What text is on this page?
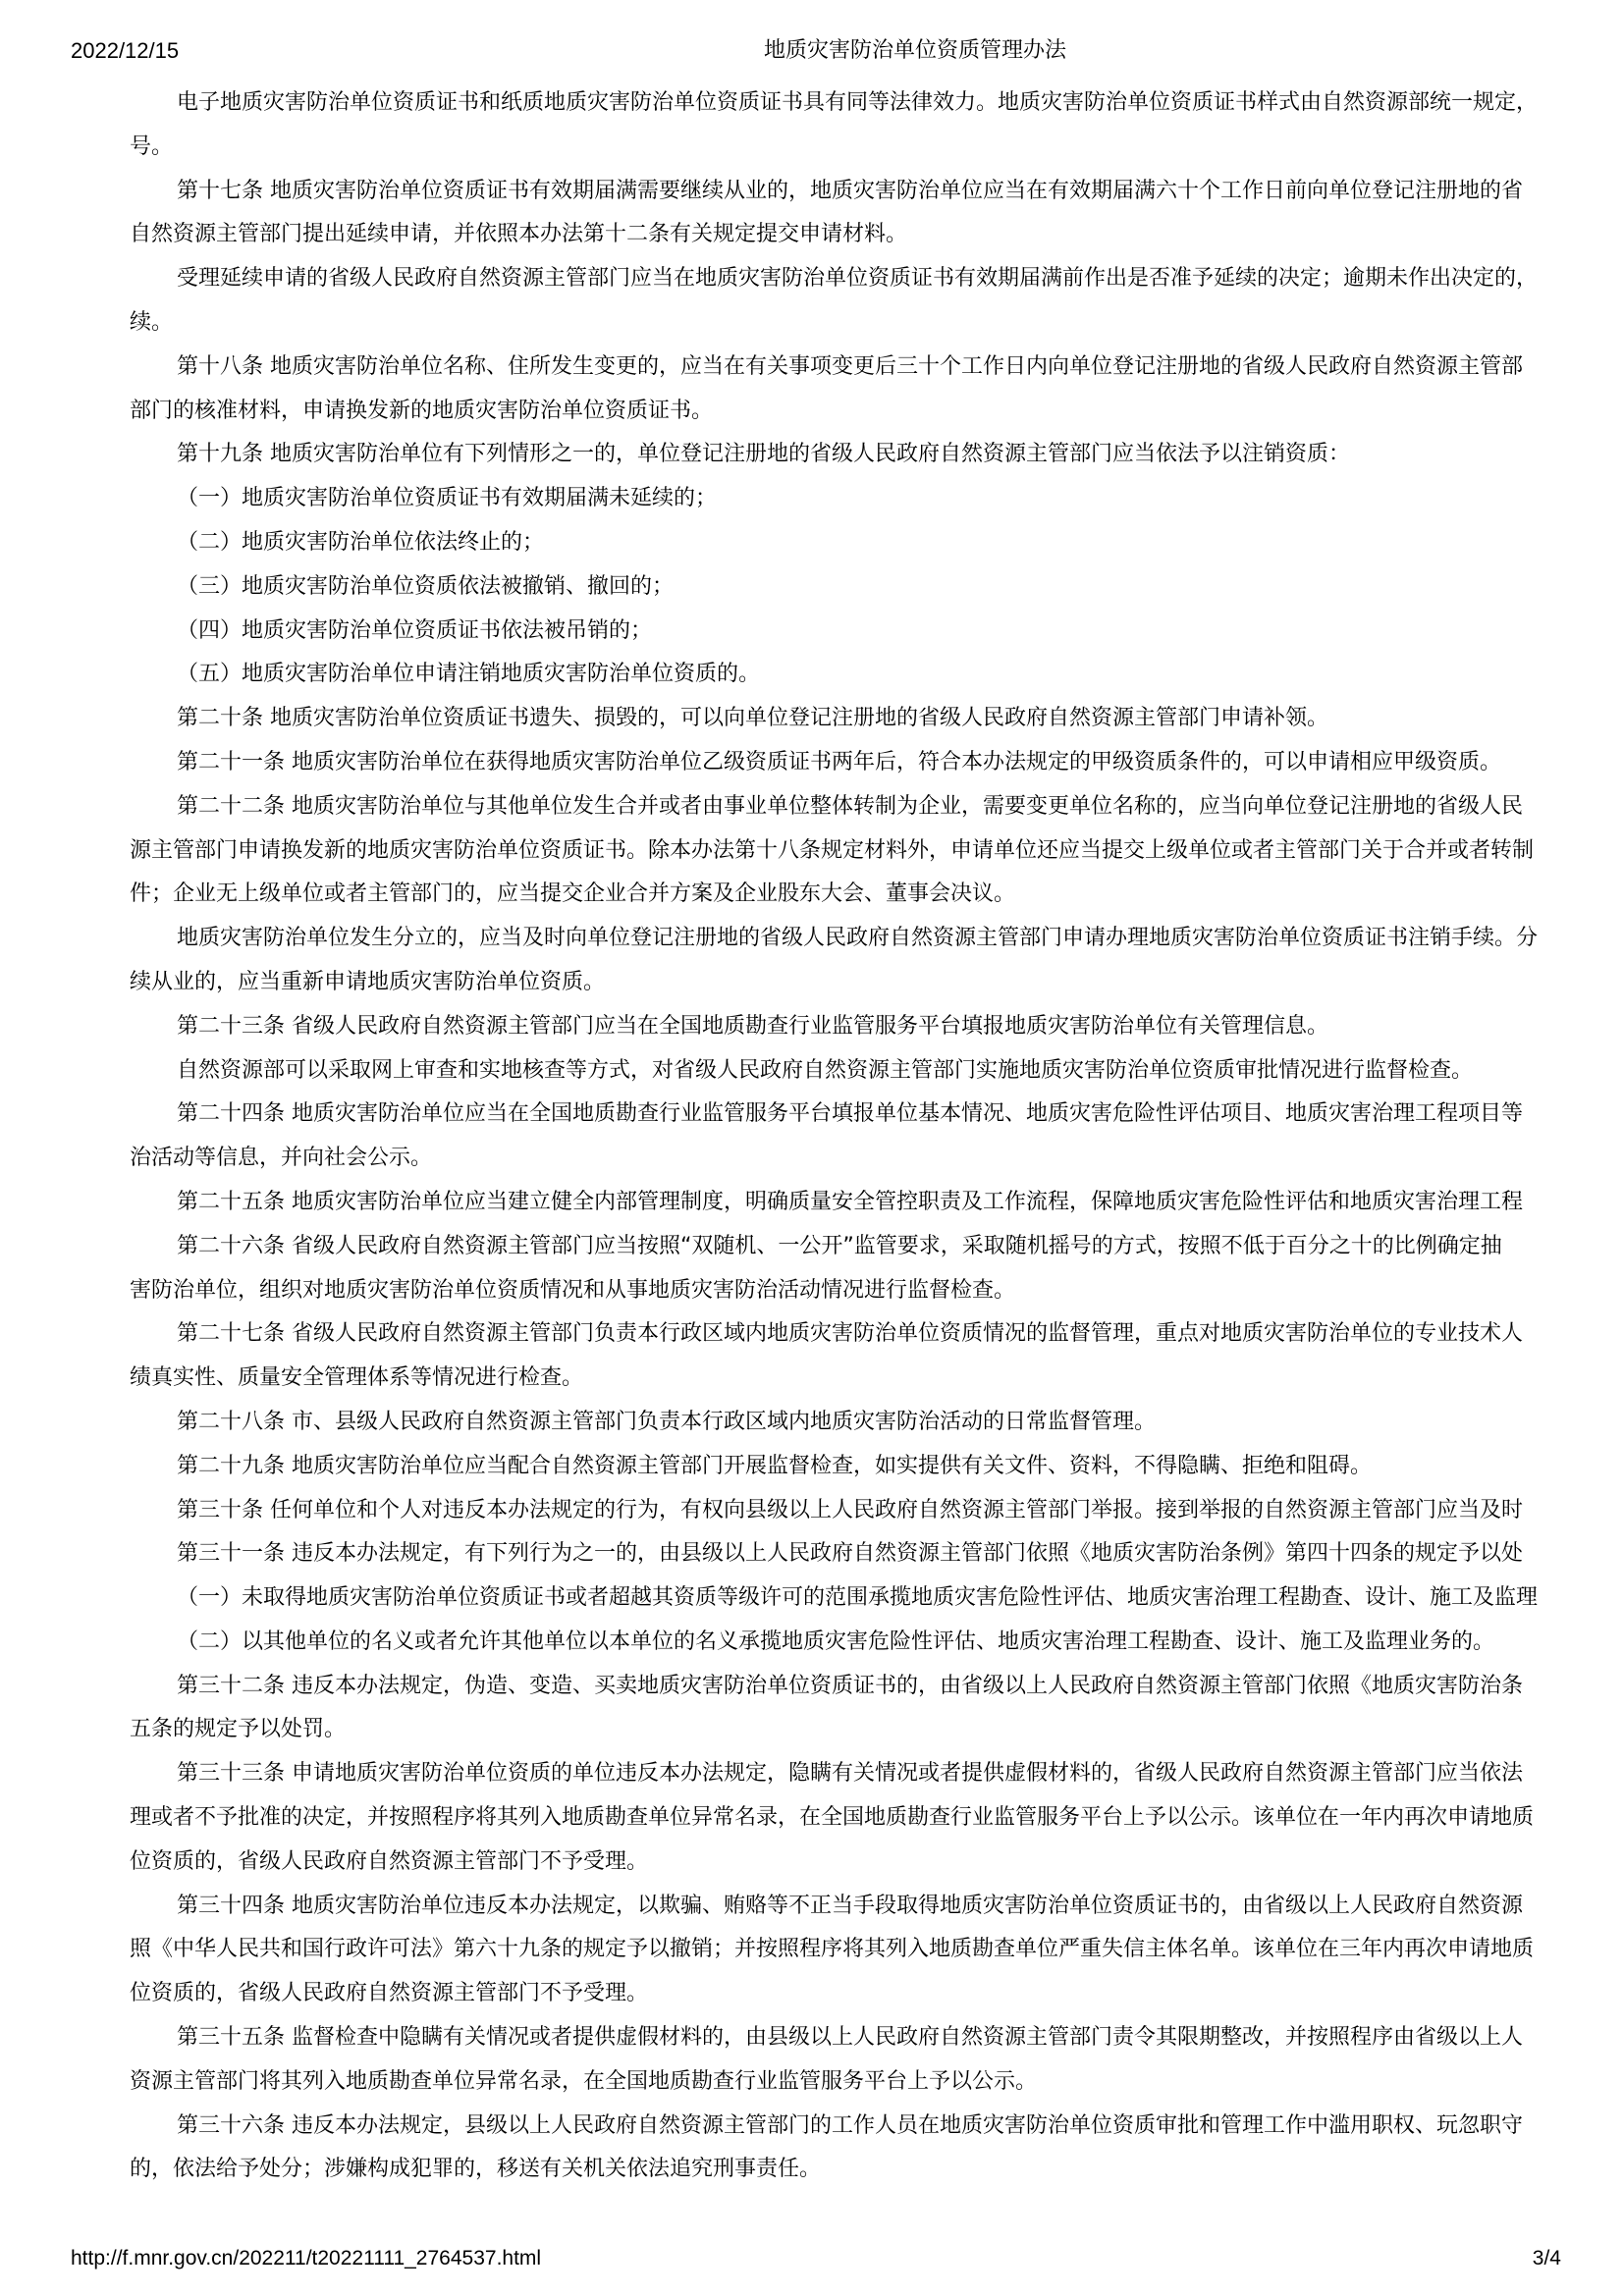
2022/12/15	地质灾害防治单位资质管理办法
电子地质灾害防治单位资质证书和纸质地质灾害防治单位资质证书具有同等法律效力。地质灾害防治单位资质证书样式由自然资源部统一规定，
号。
第十七条 地质灾害防治单位资质证书有效期届满需要继续从业的，地质灾害防治单位应当在有效期届满六十个工作日前向单位登记注册地的省
自然资源主管部门提出延续申请，并依照本办法第十二条有关规定提交申请材料。
受理延续申请的省级人民政府自然资源主管部门应当在地质灾害防治单位资质证书有效期届满前作出是否准予延续的决定；逾期未作出决定的，
续。
第十八条 地质灾害防治单位名称、住所发生变更的，应当在有关事项变更后三十个工作日内向单位登记注册地的省级人民政府自然资源主管部
部门的核准材料，申请换发新的地质灾害防治单位资质证书。
第十九条 地质灾害防治单位有下列情形之一的，单位登记注册地的省级人民政府自然资源主管部门应当依法予以注销资质：
（一）地质灾害防治单位资质证书有效期届满未延续的；
（二）地质灾害防治单位依法终止的；
（三）地质灾害防治单位资质依法被撤销、撤回的；
（四）地质灾害防治单位资质证书依法被吊销的；
（五）地质灾害防治单位申请注销地质灾害防治单位资质的。
第二十条 地质灾害防治单位资质证书遗失、损毁的，可以向单位登记注册地的省级人民政府自然资源主管部门申请补领。
第二十一条 地质灾害防治单位在获得地质灾害防治单位乙级资质证书两年后，符合本办法规定的甲级资质条件的，可以申请相应甲级资质。
第二十二条 地质灾害防治单位与其他单位发生合并或者由事业单位整体转制为企业，需要变更单位名称的，应当向单位登记注册地的省级人民
源主管部门申请换发新的地质灾害防治单位资质证书。除本办法第十八条规定材料外，申请单位还应当提交上级单位或者主管部门关于合并或者转制
件；企业无上级单位或者主管部门的，应当提交企业合并方案及企业股东大会、董事会决议。
地质灾害防治单位发生分立的，应当及时向单位登记注册地的省级人民政府自然资源主管部门申请办理地质灾害防治单位资质证书注销手续。分
续从业的，应当重新申请地质灾害防治单位资质。
第二十三条 省级人民政府自然资源主管部门应当在全国地质勘查行业监管服务平台填报地质灾害防治单位有关管理信息。
自然资源部可以采取网上审查和实地核查等方式，对省级人民政府自然资源主管部门实施地质灾害防治单位资质审批情况进行监督检查。
第二十四条 地质灾害防治单位应当在全国地质勘查行业监管服务平台填报单位基本情况、地质灾害危险性评估项目、地质灾害治理工程项目等
治活动等信息，并向社会公示。
第二十五条 地质灾害防治单位应当建立健全内部管理制度，明确质量安全管控职责及工作流程，保障地质灾害危险性评估和地质灾害治理工程
第二十六条 省级人民政府自然资源主管部门应当按照“双随机、一公开”监管要求，采取随机摇号的方式，按照不低于百分之十的比例确定抽
害防治单位，组织对地质灾害防治单位资质情况和从事地质灾害防治活动情况进行监督检查。
第二十七条 省级人民政府自然资源主管部门负责本行政区域内地质灾害防治单位资质情况的监督管理，重点对地质灾害防治单位的专业技术人
绩真实性、质量安全管理体系等情况进行检查。
第二十八条 市、县级人民政府自然资源主管部门负责本行政区域内地质灾害防治活动的日常监督管理。
第二十九条 地质灾害防治单位应当配合自然资源主管部门开展监督检查，如实提供有关文件、资料，不得隐瞒、拒绝和阻碍。
第三十条 任何单位和个人对违反本办法规定的行为，有权向县级以上人民政府自然资源主管部门举报。接到举报的自然资源主管部门应当及时
第三十一条 违反本办法规定，有下列行为之一的，由县级以上人民政府自然资源主管部门依照《地质灾害防治条例》第四十四条的规定予以处
（一）未取得地质灾害防治单位资质证书或者超越其资质等级许可的范围承揽地质灾害危险性评估、地质灾害治理工程勘查、设计、施工及监理
（二）以其他单位的名义或者允许其他单位以本单位的名义承揽地质灾害危险性评估、地质灾害治理工程勘查、设计、施工及监理业务的。
第三十二条 违反本办法规定，伪造、变造、买卖地质灾害防治单位资质证书的，由省级以上人民政府自然资源主管部门依照《地质灾害防治条
五条的规定予以处罚。
第三十三条 申请地质灾害防治单位资质的单位违反本办法规定，隐瞒有关情况或者提供虚假材料的，省级人民政府自然资源主管部门应当依法
理或者不予批准的决定，并按照程序将其列入地质勘查单位异常名录，在全国地质勘查行业监管服务平台上予以公示。该单位在一年内再次申请地质
位资质的，省级人民政府自然资源主管部门不予受理。
第三十四条 地质灾害防治单位违反本办法规定，以欺骗、贿赂等不正当手段取得地质灾害防治单位资质证书的，由省级以上人民政府自然资源
照《中华人民共和国行政许可法》第六十九条的规定予以撤销；并按照程序将其列入地质勘查单位严重失信主体名单。该单位在三年内再次申请地质
位资质的，省级人民政府自然资源主管部门不予受理。
第三十五条 监督检查中隐瞒有关情况或者提供虚假材料的，由县级以上人民政府自然资源主管部门责令其限期整改，并按照程序由省级以上人
资源主管部门将其列入地质勘查单位异常名录，在全国地质勘查行业监管服务平台上予以公示。
第三十六条 违反本办法规定，县级以上人民政府自然资源主管部门的工作人员在地质灾害防治单位资质审批和管理工作中滥用职权、玩忽职守
的，依法给予处分；涉嫌构成犯罪的，移送有关机关依法追究刑事责任。
http://f.mnr.gov.cn/202211/t20221111_2764537.html	3/4
